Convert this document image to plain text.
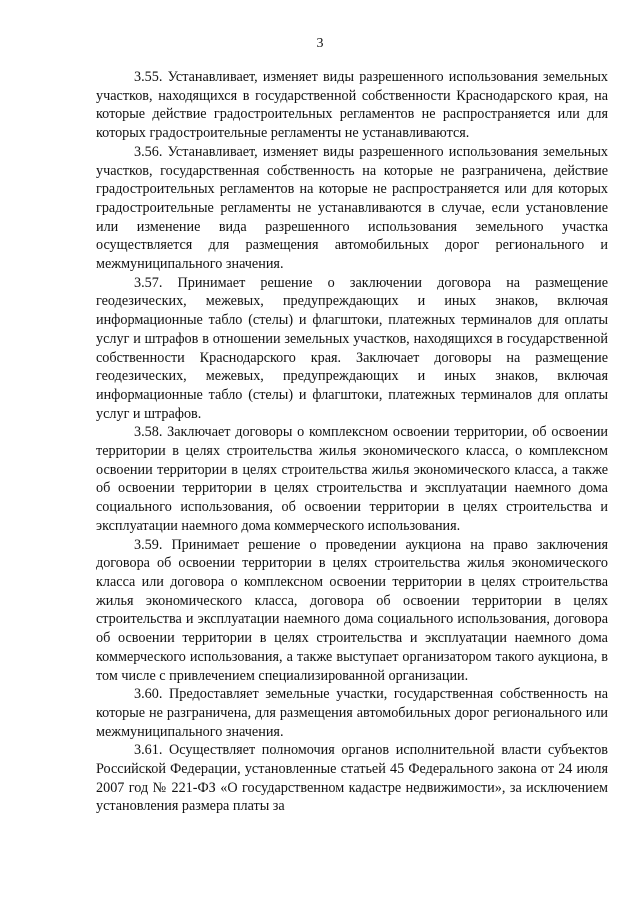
3

3.55. Устанавливает, изменяет виды разрешенного использования земельных участков, находящихся в государственной собственности Краснодарского края, на которые действие градостроительных регламентов не распространяется или для которых градостроительные регламенты не устанавливаются.

3.56. Устанавливает, изменяет виды разрешенного использования земельных участков, государственная собственность на которые не разграничена, действие градостроительных регламентов на которые не распространяется или для которых градостроительные регламенты не устанавливаются в случае, если установление или изменение вида разрешенного использования земельного участка осуществляется для размещения автомобильных дорог регионального и межмуниципального значения.

3.57. Принимает решение о заключении договора на размещение геодезических, межевых, предупреждающих и иных знаков, включая информационные табло (стелы) и флагштоки, платежных терминалов для оплаты услуг и штрафов в отношении земельных участков, находящихся в государственной собственности Краснодарского края. Заключает договоры на размещение геодезических, межевых, предупреждающих и иных знаков, включая информационные табло (стелы) и флагштоки, платежных терминалов для оплаты услуг и штрафов.

3.58. Заключает договоры о комплексном освоении территории, об освоении территории в целях строительства жилья экономического класса, о комплексном освоении территории в целях строительства жилья экономического класса, а также об освоении территории в целях строительства и эксплуатации наемного дома социального использования, об освоении территории в целях строительства и эксплуатации наемного дома коммерческого использования.

3.59. Принимает решение о проведении аукциона на право заключения договора об освоении территории в целях строительства жилья экономического класса или договора о комплексном освоении территории в целях строительства жилья экономического класса, договора об освоении территории в целях строительства и эксплуатации наемного дома социального использования, договора об освоении территории в целях строительства и эксплуатации наемного дома коммерческого использования, а также выступает организатором такого аукциона, в том числе с привлечением специализированной организации.

3.60. Предоставляет земельные участки, государственная собственность на которые не разграничена, для размещения автомобильных дорог регионального или межмуниципального значения.

3.61. Осуществляет полномочия органов исполнительной власти субъектов Российской Федерации, установленные статьей 45 Федерального закона от 24 июля 2007 год № 221-ФЗ «О государственном кадастре недвижимости», за исключением установления размера платы за
